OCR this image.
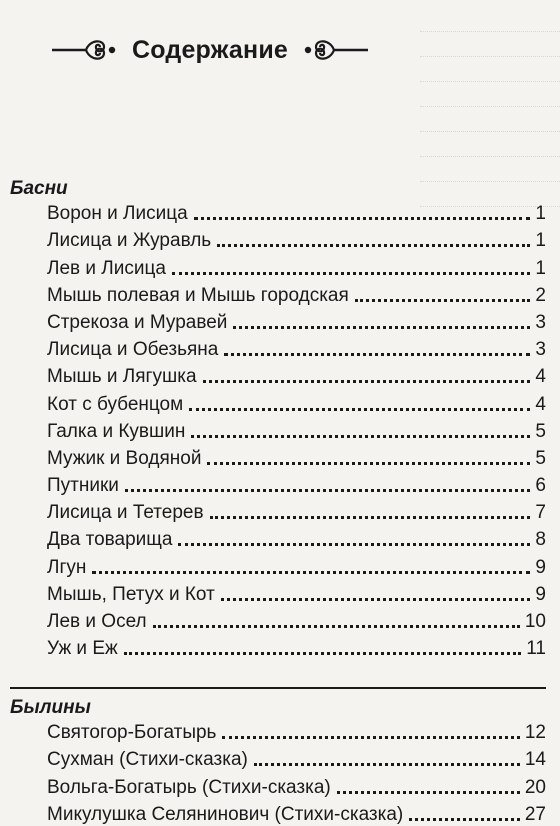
Содержание
Басни
Ворон и Лисица	1
Лисица и Журавль	1
Лев и Лисица	1
Мышь полевая и Мышь городская	2
Стрекоза и Муравей	3
Лисица и Обезьяна	3
Мышь и Лягушка	4
Кот с бубенцом	4
Галка и Кувшин	5
Мужик и Водяной	5
Путники	6
Лисица и Тетерев	7
Два товарища	8
Лгун	9
Мышь, Петух и Кот	9
Лев и Осел	10
Уж и Еж	11
Былины
Святогор-Богатырь	12
Сухман (Стихи-сказка)	14
Вольга-Богатырь (Стихи-сказка)	20
Микулушка Селянинович (Стихи-сказка)	27
